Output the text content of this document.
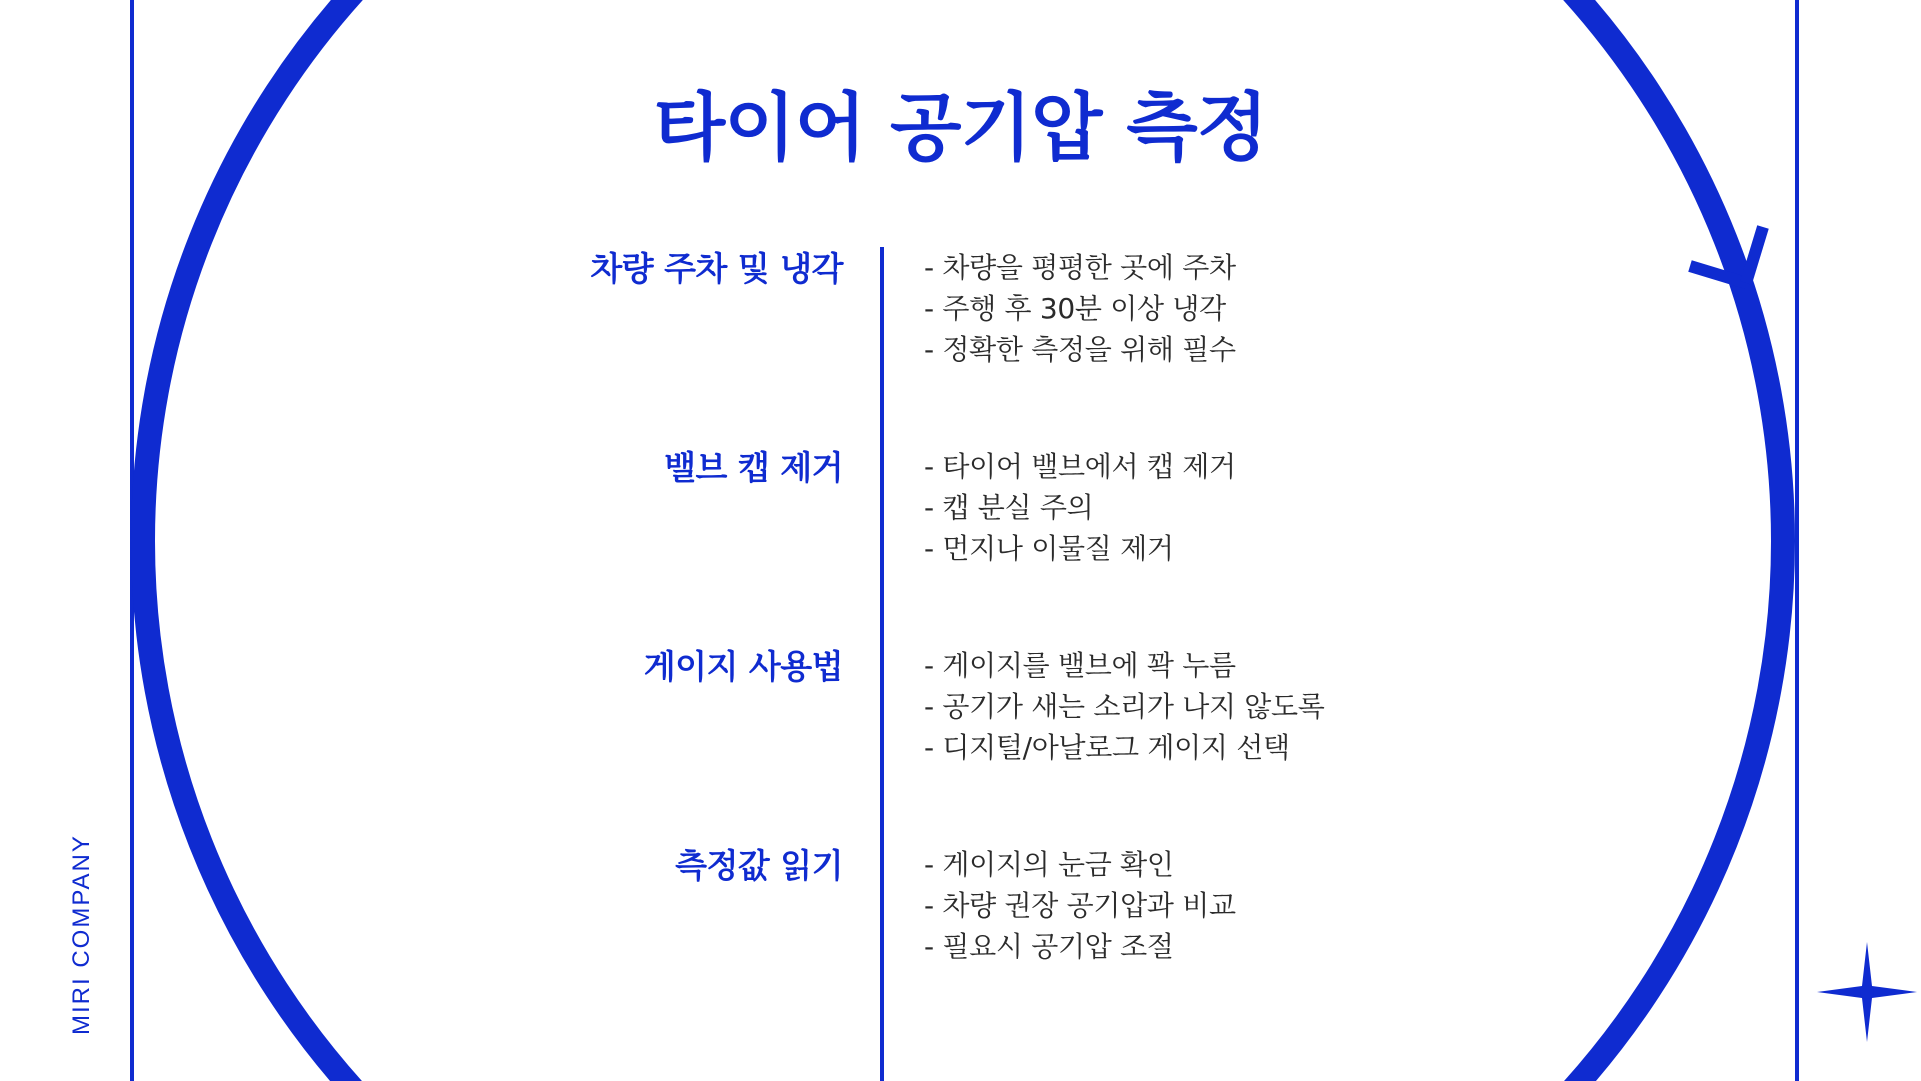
타이어 공기압 측정
차량 주차 및 냉각	- 차량을 평평한 곳에 주차
- 주행 후 30분 이상 냉각
- 정확한 측정을 위해 필수
밸브 캡 제거	- 타이어 밸브에서 캡 제거
- 캡 분실 주의
- 먼지나 이물질 제거
게이지 사용법	- 게이지를 밸브에 꽉 누름
- 공기가 새는 소리가 나지 않도록
- 디지털/아날로그 게이지 선택
측정값 읽기	- 게이지의 눈금 확인
- 차량 권장 공기압과 비교
- 필요시 공기압 조절
MIRI COMPANY
